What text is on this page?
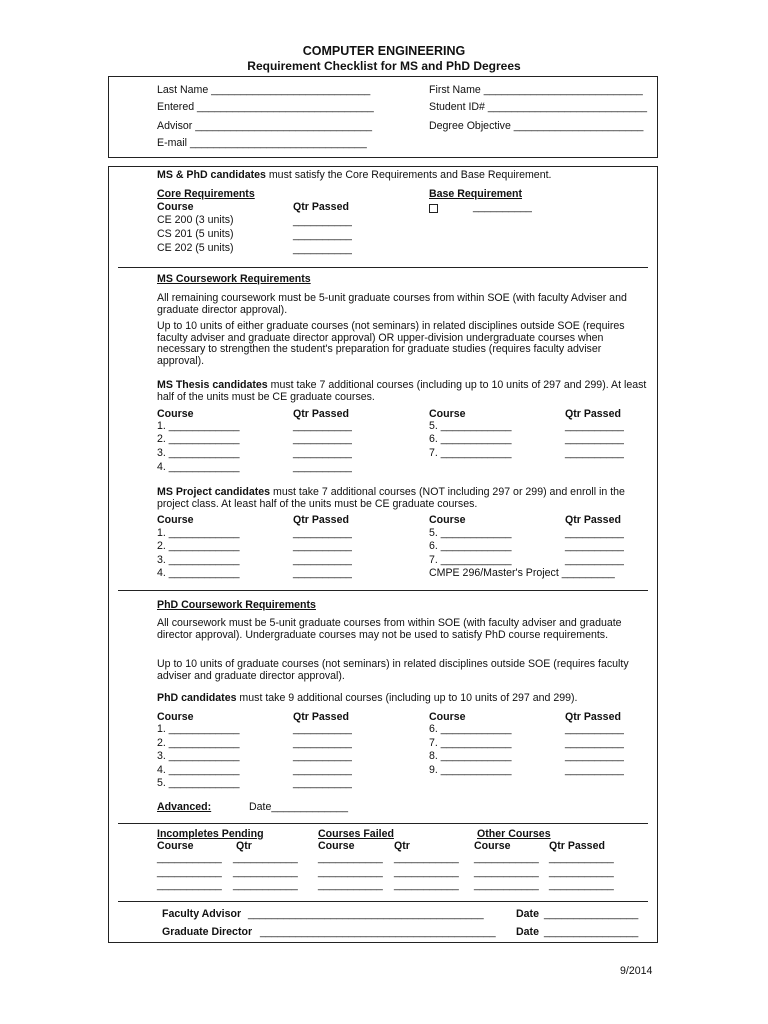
COMPUTER ENGINEERING
Requirement Checklist for MS and PhD Degrees
Last Name ___________________________	First Name ___________________________
Entered ______________________________	Student ID# ___________________________
Advisor ______________________________	Degree Objective ______________________
E-mail ______________________________
MS & PhD candidates must satisfy the Core Requirements and Base Requirement.
Core Requirements	Base Requirement
Course	Qtr Passed	__________
CE 200 (3 units)	__________
CS 201 (5 units)	__________
CE 202 (5 units)	__________
MS Coursework Requirements
All remaining coursework must be 5-unit graduate courses from within SOE (with faculty Adviser and graduate director approval).
Up to 10 units of either graduate courses (not seminars) in related disciplines outside SOE (requires faculty adviser and graduate director approval) OR upper-division undergraduate courses when necessary to strengthen the student's preparation for graduate studies (requires faculty adviser approval).
MS Thesis candidates must take 7 additional courses (including up to 10 units of 297 and 299). At least half of the units must be CE graduate courses.
Course	Qtr Passed	Course	Qtr Passed
1. ____________	__________
2. ____________	__________
3. ____________	__________
4. ____________	__________
5. ____________	__________
6. ____________	__________
7. ____________	__________
MS Project candidates must take 7 additional courses (NOT including 297 or 299) and enroll in the project class. At least half of the units must be CE graduate courses.
Course	Qtr Passed	Course	Qtr Passed
1. ____________	__________
2. ____________	__________
3. ____________	__________
4. ____________	__________
5. ____________	__________
6. ____________	__________
7. ____________	__________
CMPE 296/Master's Project _________
PhD Coursework Requirements
All coursework must be 5-unit graduate courses from within SOE (with faculty adviser and graduate director approval). Undergraduate courses may not be used to satisfy PhD course requirements.
Up to 10 units of graduate courses (not seminars) in related disciplines outside SOE (requires faculty adviser and graduate director approval).
PhD candidates must take 9 additional courses (including up to 10 units of 297 and 299).
Course	Qtr Passed	Course	Qtr Passed
1. ____________	__________
2. ____________	__________
3. ____________	__________
4. ____________	__________
5. ____________	__________
6. ____________	__________
7. ____________	__________
8. ____________	__________
9. ____________	__________
Advanced:	Date_____________
Incompletes Pending	Courses Failed	Other Courses
Course	Qtr	Course	Qtr	Course	Qtr Passed
___________ ___________ ___________ ___________ ___________ ___________
___________ ___________ ___________ ___________ ___________ ___________
___________ ___________ ___________ ___________ ___________ ___________
Faculty Advisor ________________________________________	Date ________________
Graduate Director ________________________________________ Date ________________
9/2014
